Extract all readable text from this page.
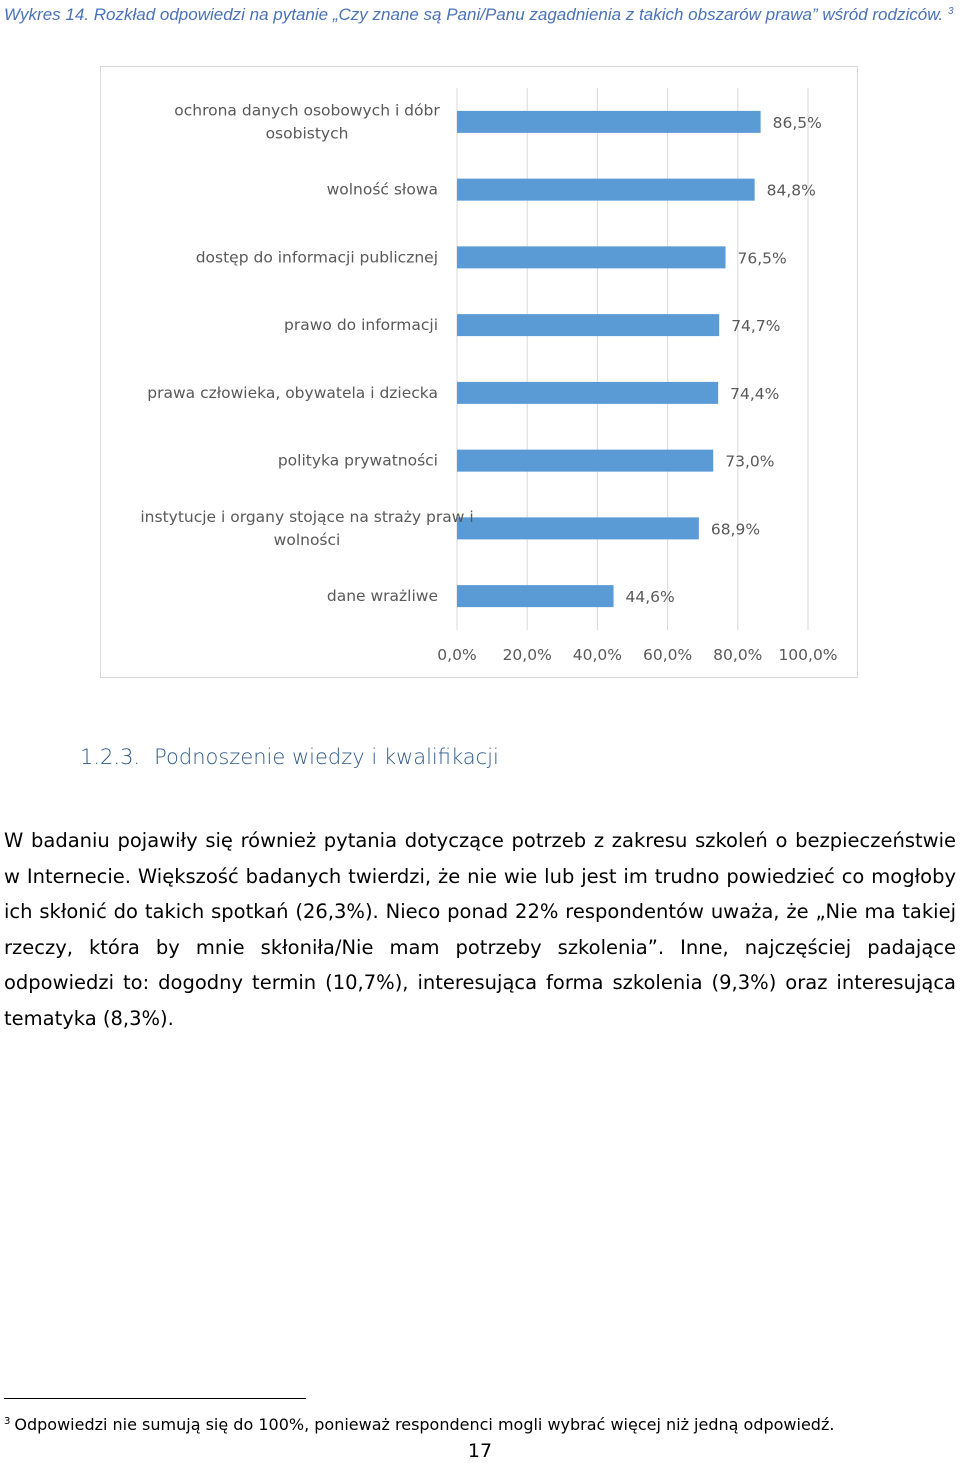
Wykres 14. Rozkład odpowiedzi na pytanie „Czy znane są Pani/Panu zagadnienia z takich obszarów prawa” wśród rodziców. $^3$
ochrona danych osobowych i dóbr
osobistych
86,5%
wolność słowa	84,8%
dostęp do informacji publicznej	76,5%
prawo do informacji	74,7%
prawa człowieka, obywatela i dziecka	74,4%
polityka prywatności	73,0%
instytucje i organy stojące na straży praw i
wolności
68,9%
dane wrażliwe	44,6%
0,0% 20,0% 40,0% 60,0% 80,0% 100,0%
1.2.3. Podnoszenie wiedzy i kwalifikacji
W badaniu pojawiły się również pytania dotyczące potrzeb z zakresu szkoleń o bezpieczeństwie w Internecie. Większość badanych twierdzi, że nie wie lub jest im trudno powiedzieć co mogłoby ich skłonić do takich spotkań (26,3%). Nieco ponad 22% respondentów uważa, że „Nie ma takiej rzeczy, która by mnie skłoniła/Nie mam potrzeby szkolenia”. Inne, najczęściej padające odpowiedzi to: dogodny termin (10,7%), interesująca forma szkolenia (9,3%) oraz interesująca tematyka (8,3%).
$^3$ Odpowiedzi nie sumują się do 100%, ponieważ respondenci mogli wybrać więcej niż jedną odpowiedź.
17
